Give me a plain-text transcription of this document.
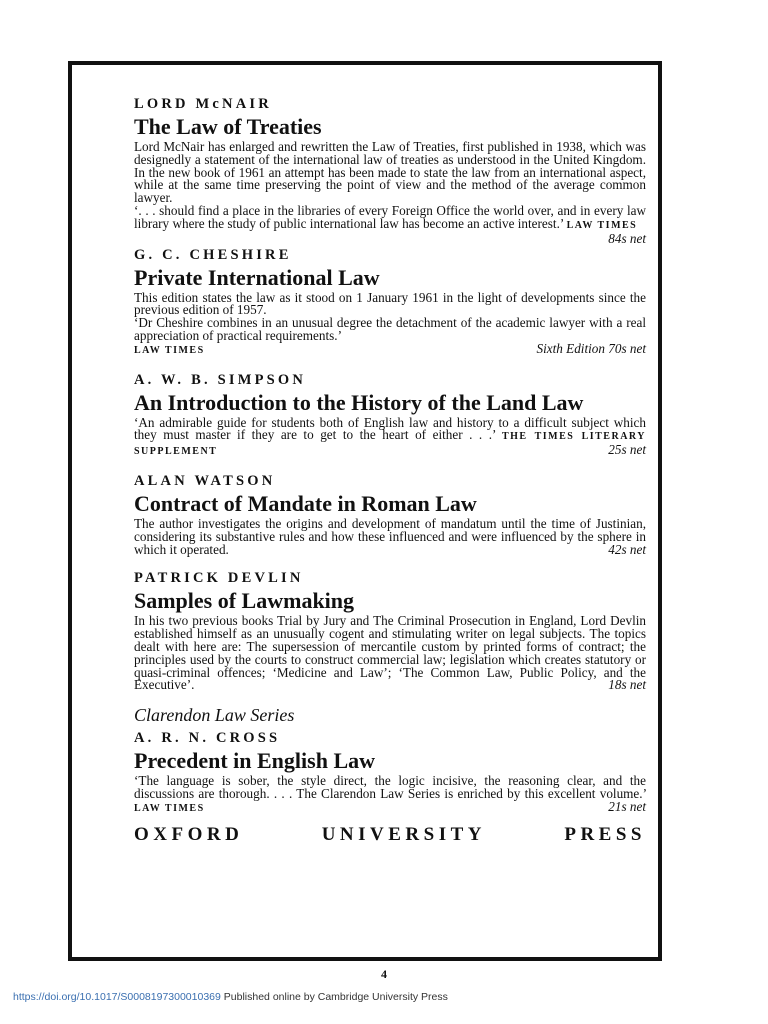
LORD McNAIR
The Law of Treaties

Lord McNair has enlarged and rewritten the Law of Treaties, first published in 1938, which was designedly a statement of the international law of treaties as understood in the United Kingdom. In the new book of 1961 an attempt has been made to state the law from an international aspect, while at the same time preserving the point of view and the method of the average common lawyer.

‘. . . should find a place in the libraries of every Foreign Office the world over, and in every law library where the study of public international law has become an active interest.’ LAW TIMES
84s net

G. C. CHESHIRE
Private International Law

This edition states the law as it stood on 1 January 1961 in the light of developments since the previous edition of 1957.

‘Dr Cheshire combines in an unusual degree the detachment of the academic lawyer with a real appreciation of practical requirements.’

LAW TIMES	Sixth Edition 70s net

A. W. B. SIMPSON
An Introduction to the History of the Land Law

‘An admirable guide for students both of English law and history to a difficult subject which they must master if they are to get to the heart of either . . .’ THE TIMES LITERARY SUPPLEMENT	25s net

ALAN WATSON
Contract of Mandate in Roman Law

The author investigates the origins and development of mandatum until the time of Justinian, considering its substantive rules and how these influenced and were influenced by the sphere in which it operated.	42s net

PATRICK DEVLIN
Samples of Lawmaking

In his two previous books Trial by Jury and The Criminal Prosecution in England, Lord Devlin established himself as an unusually cogent and stimulating writer on legal subjects. The topics dealt with here are: The supersession of mercantile custom by printed forms of contract; the principles used by the courts to construct commercial law; legislation which creates statutory or quasi-criminal offences; ‘Medicine and Law’; ‘The Common Law, Public Policy, and the Executive’.	18s net

Clarendon Law Series
A. R. N. CROSS
Precedent in English Law

‘The language is sober, the style direct, the logic incisive, the reasoning clear, and the discussions are thorough. . . . The Clarendon Law Series is enriched by this excellent volume.’ LAW TIMES	21s net

OXFORD	UNIVERSITY	PRESS
4
https://doi.org/10.1017/S0008197300010369 Published online by Cambridge University Press
